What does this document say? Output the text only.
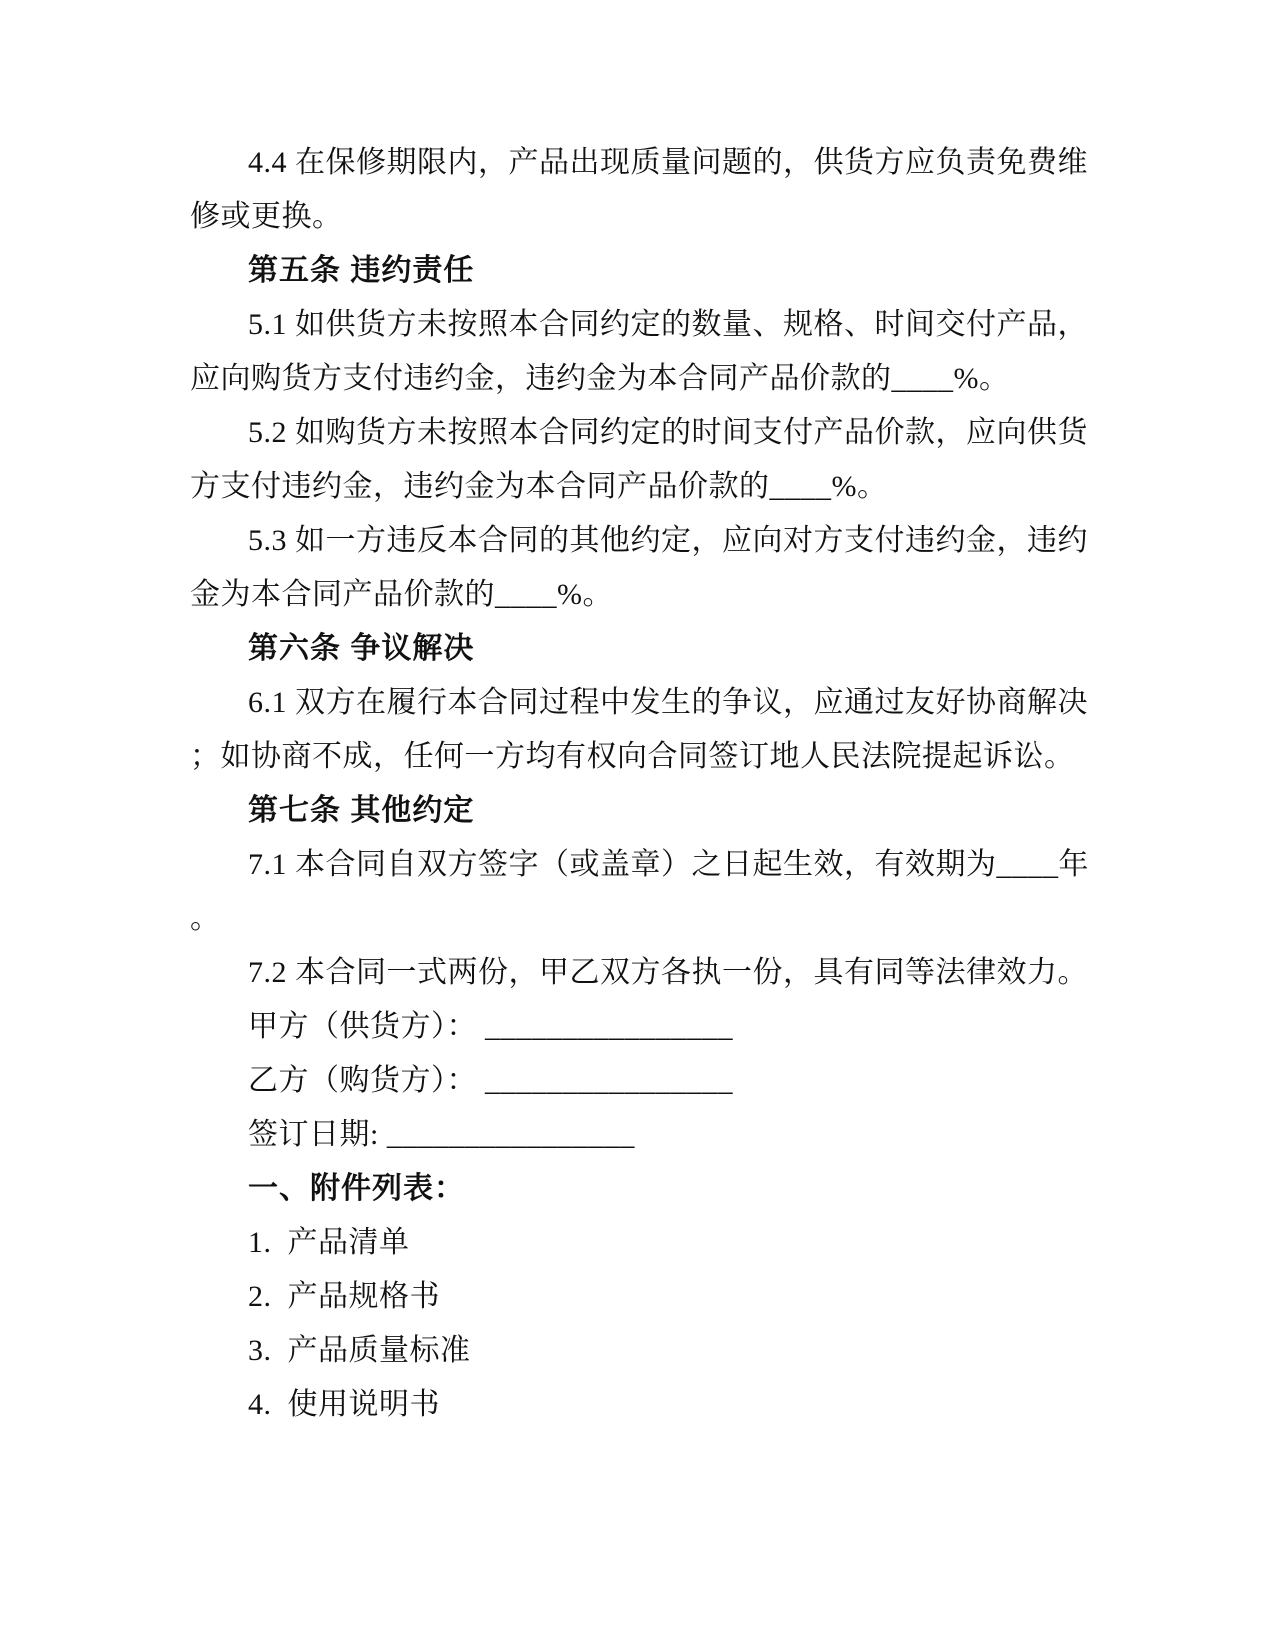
4.4 在保修期限内，产品出现质量问题的，供货方应负责免费维
修或更换。
第五条 违约责任
5.1 如供货方未按照本合同约定的数量、规格、时间交付产品，
应向购货方支付违约金，违约金为本合同产品价款的____%。
5.2 如购货方未按照本合同约定的时间支付产品价款，应向供货
方支付违约金，违约金为本合同产品价款的____%。
5.3 如一方违反本合同的其他约定，应向对方支付违约金，违约
金为本合同产品价款的____%。
第六条 争议解决
6.1 双方在履行本合同过程中发生的争议，应通过友好协商解决
；如协商不成，任何一方均有权向合同签订地人民法院提起诉讼。
第七条 其他约定
7.1 本合同自双方签字（或盖章）之日起生效，有效期为____年
。
7.2 本合同一式两份，甲乙双方各执一份，具有同等法律效力。
甲方（供货方）： ________________
乙方（购货方）： ________________
签订日期: ________________
一、附件列表：
1.  产品清单
2.  产品规格书
3.  产品质量标准
4.  使用说明书
